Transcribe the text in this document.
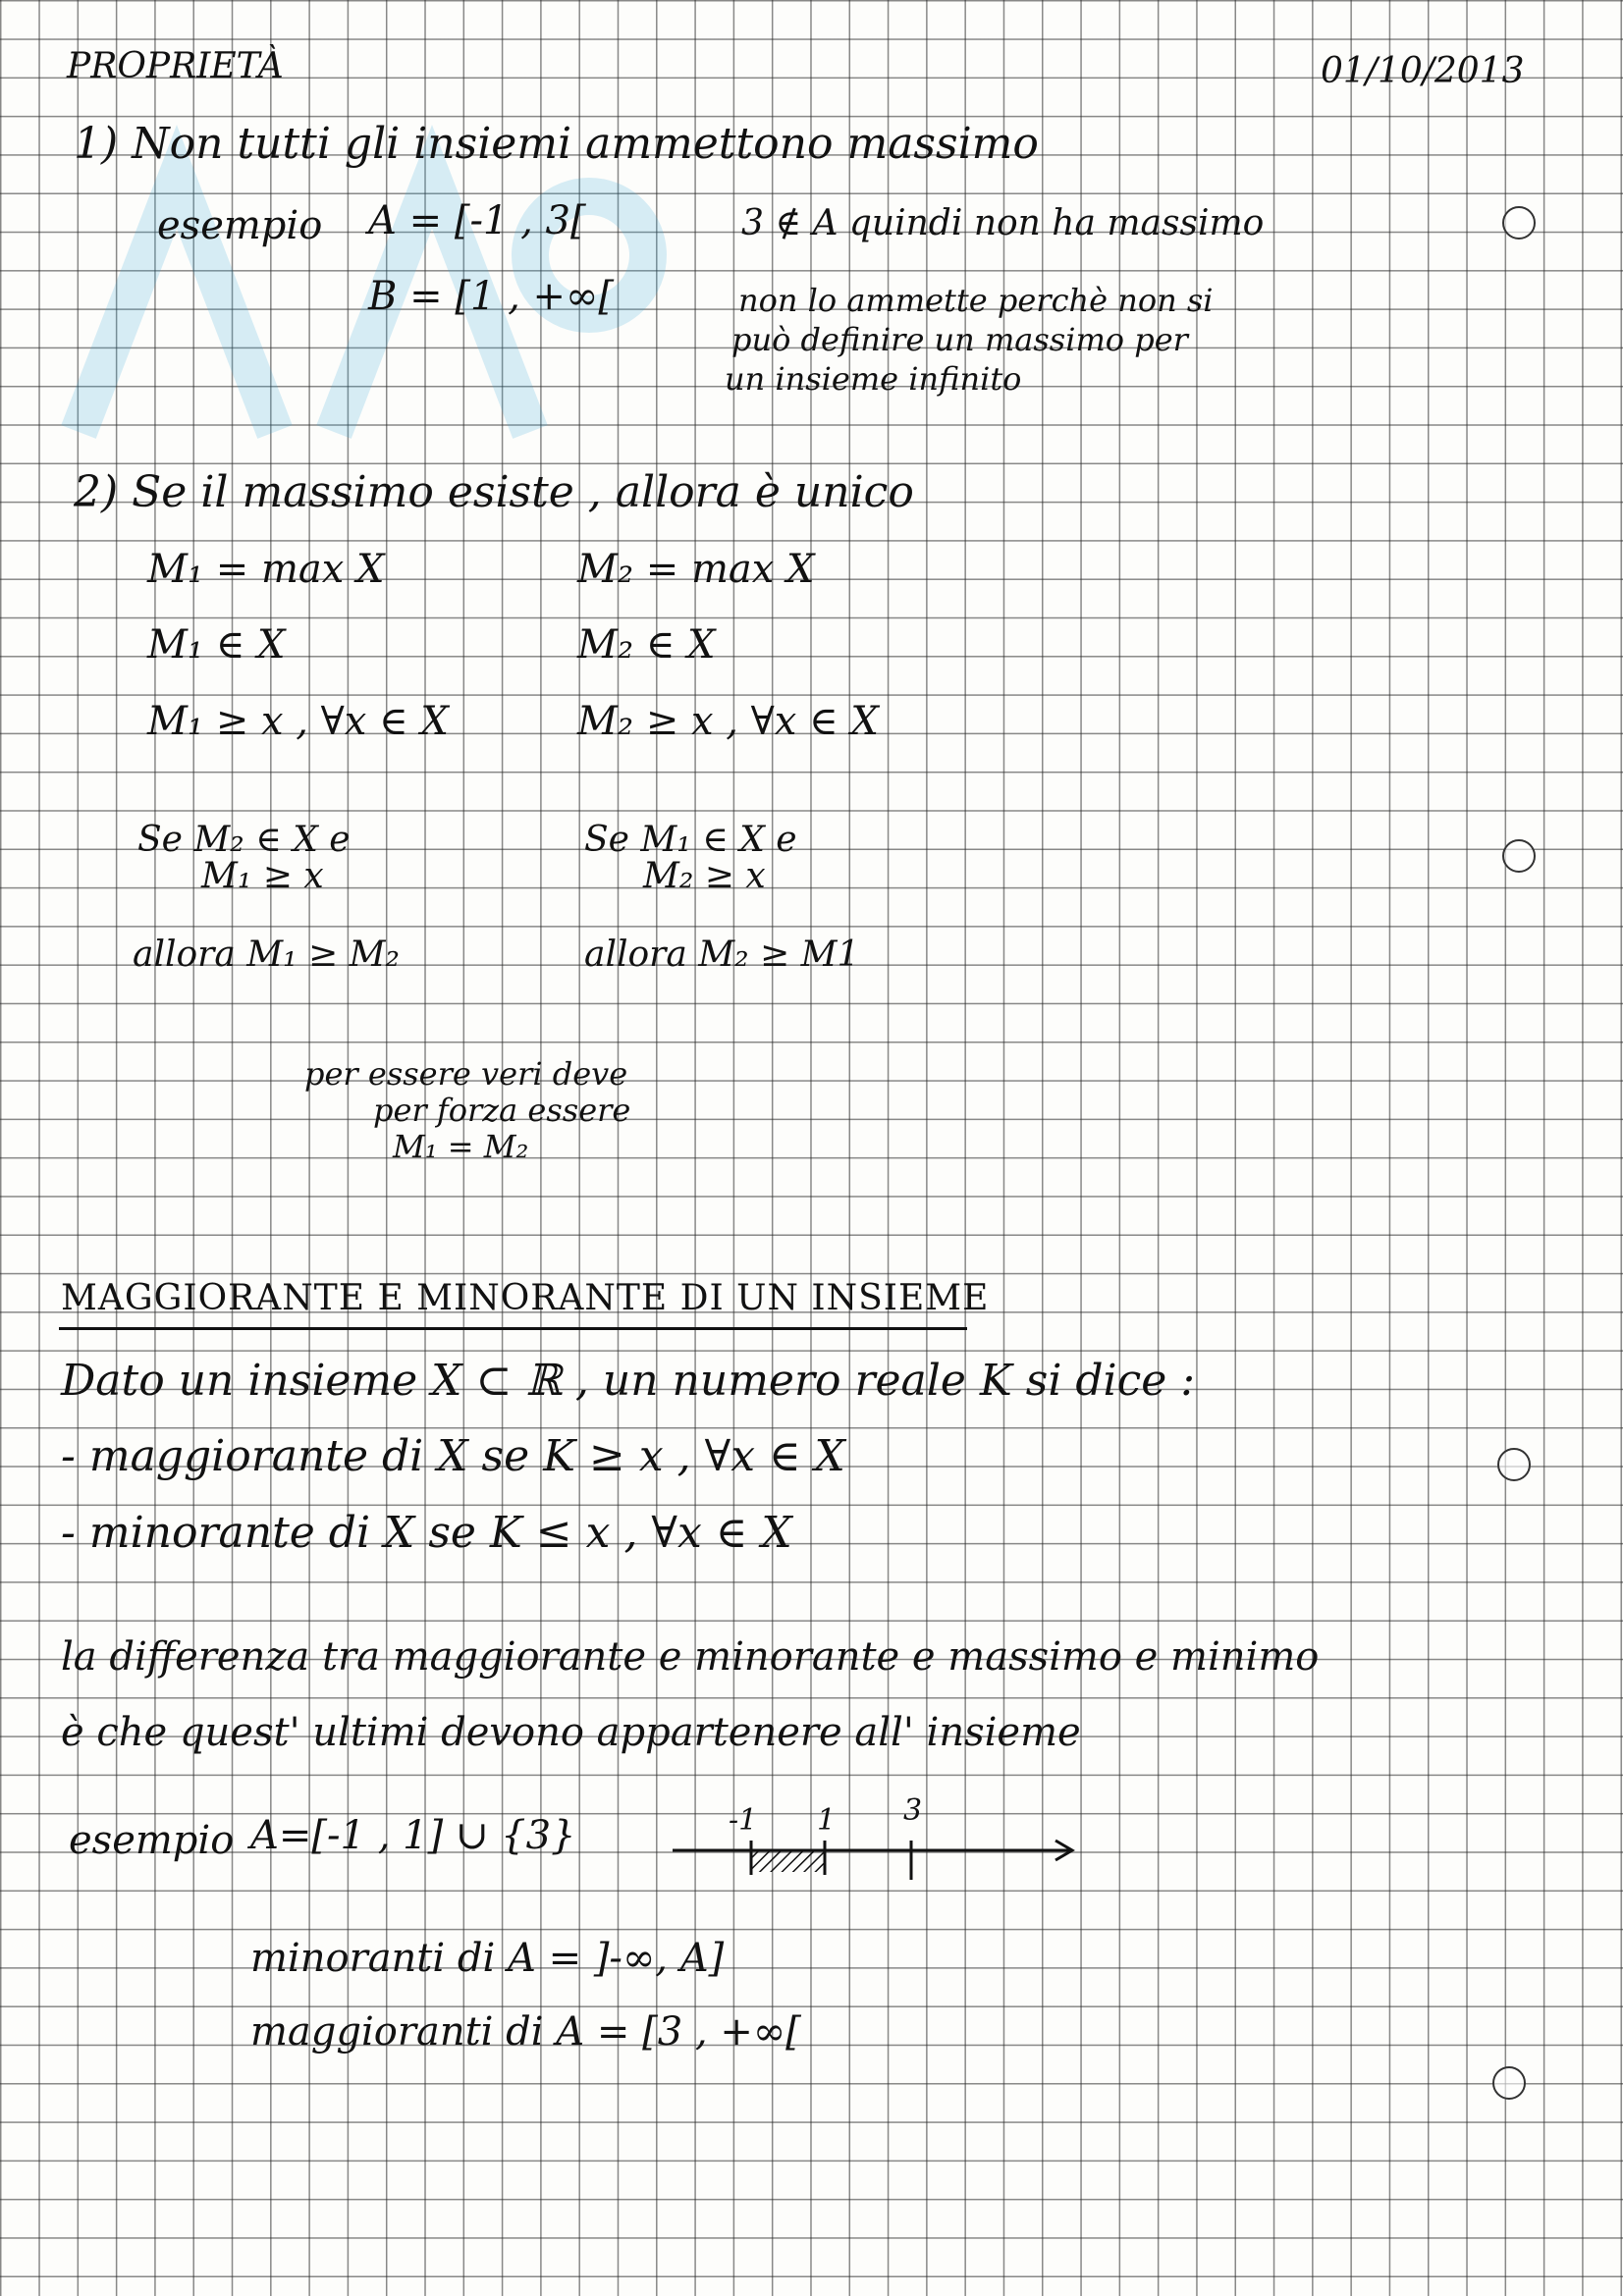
PROPRIETÀ	01/10/2013
1) Non tutti gli insiemi ammettono massimo
esempio A = [-1 , 3[	3 ∉ A quindi non ha massimo
B = [1 , +∞[	non lo ammette perchè non si
può definire un massimo per
un insieme infinito
2) Se il massimo esiste , allora è unico
M₁ = max X
M₁ ∈ X
M₁ ≥ x , ∀x ∈ X
M₂ = max X
M₂ ∈ X
M₂ ≥ x , ∀x ∈ X
Se M₂ ∈ X e
M₁ ≥ x
Se M₁ ∈ X e
M₂ ≥ x
allora M₁ ≥ M₂	allora M₂ ≥ M1
per essere veri deve
per forza essere
M₁ = M₂
MAGGIORANTE E MINORANTE DI UN INSIEME
Dato un insieme X ⊂ ℝ , un numero reale K si dice :
- maggiorante di X se K ≥ x , ∀x ∈ X
- minorante di X se K ≤ x , ∀x ∈ X
la differenza tra maggiorante e minorante e massimo e minimo
è che quest' ultimi devono appartenere all' insieme
esempio A=[-1 , 1] ∪ {3}	-1 1 3
minoranti di A = ]-∞, A]
maggioranti di A = [3 , +∞[
